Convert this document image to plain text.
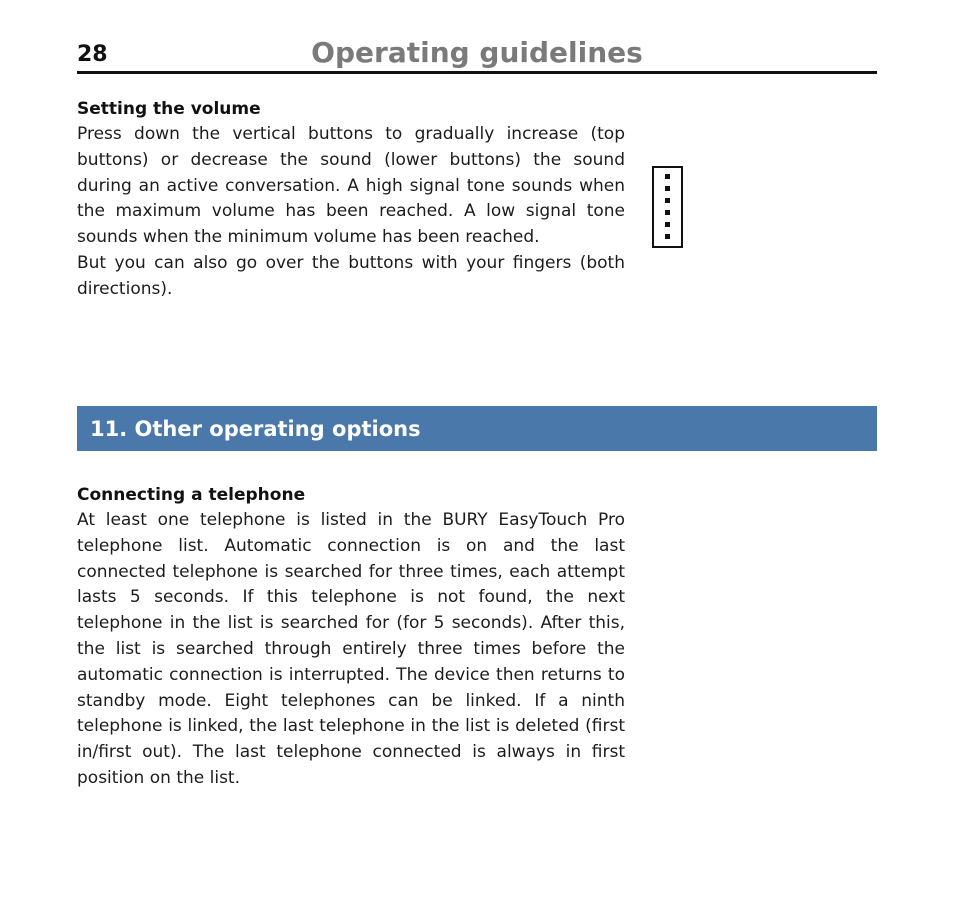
28	Operating guidelines

Setting the volume

Press down the vertical buttons to gradually increase (top buttons) or decrease the sound (lower buttons) the sound during an active conversation. A high signal tone sounds when the maximum volume has been reached. A low signal tone sounds when the minimum volume has been reached.

But you can also go over the buttons with your fingers (both directions).

11. Other operating options

Connecting a telephone

At least one telephone is listed in the BURY EasyTouch Pro telephone list. Automatic connection is on and the last connected telephone is searched for three times, each attempt lasts 5 seconds. If this telephone is not found, the next telephone in the list is searched for (for 5 seconds). After this, the list is searched through entirely three times before the automatic connection is interrupted. The device then returns to standby mode. Eight telephones can be linked. If a ninth telephone is linked, the last telephone in the list is deleted (first in/first out). The last telephone connected is always in first position on the list.
